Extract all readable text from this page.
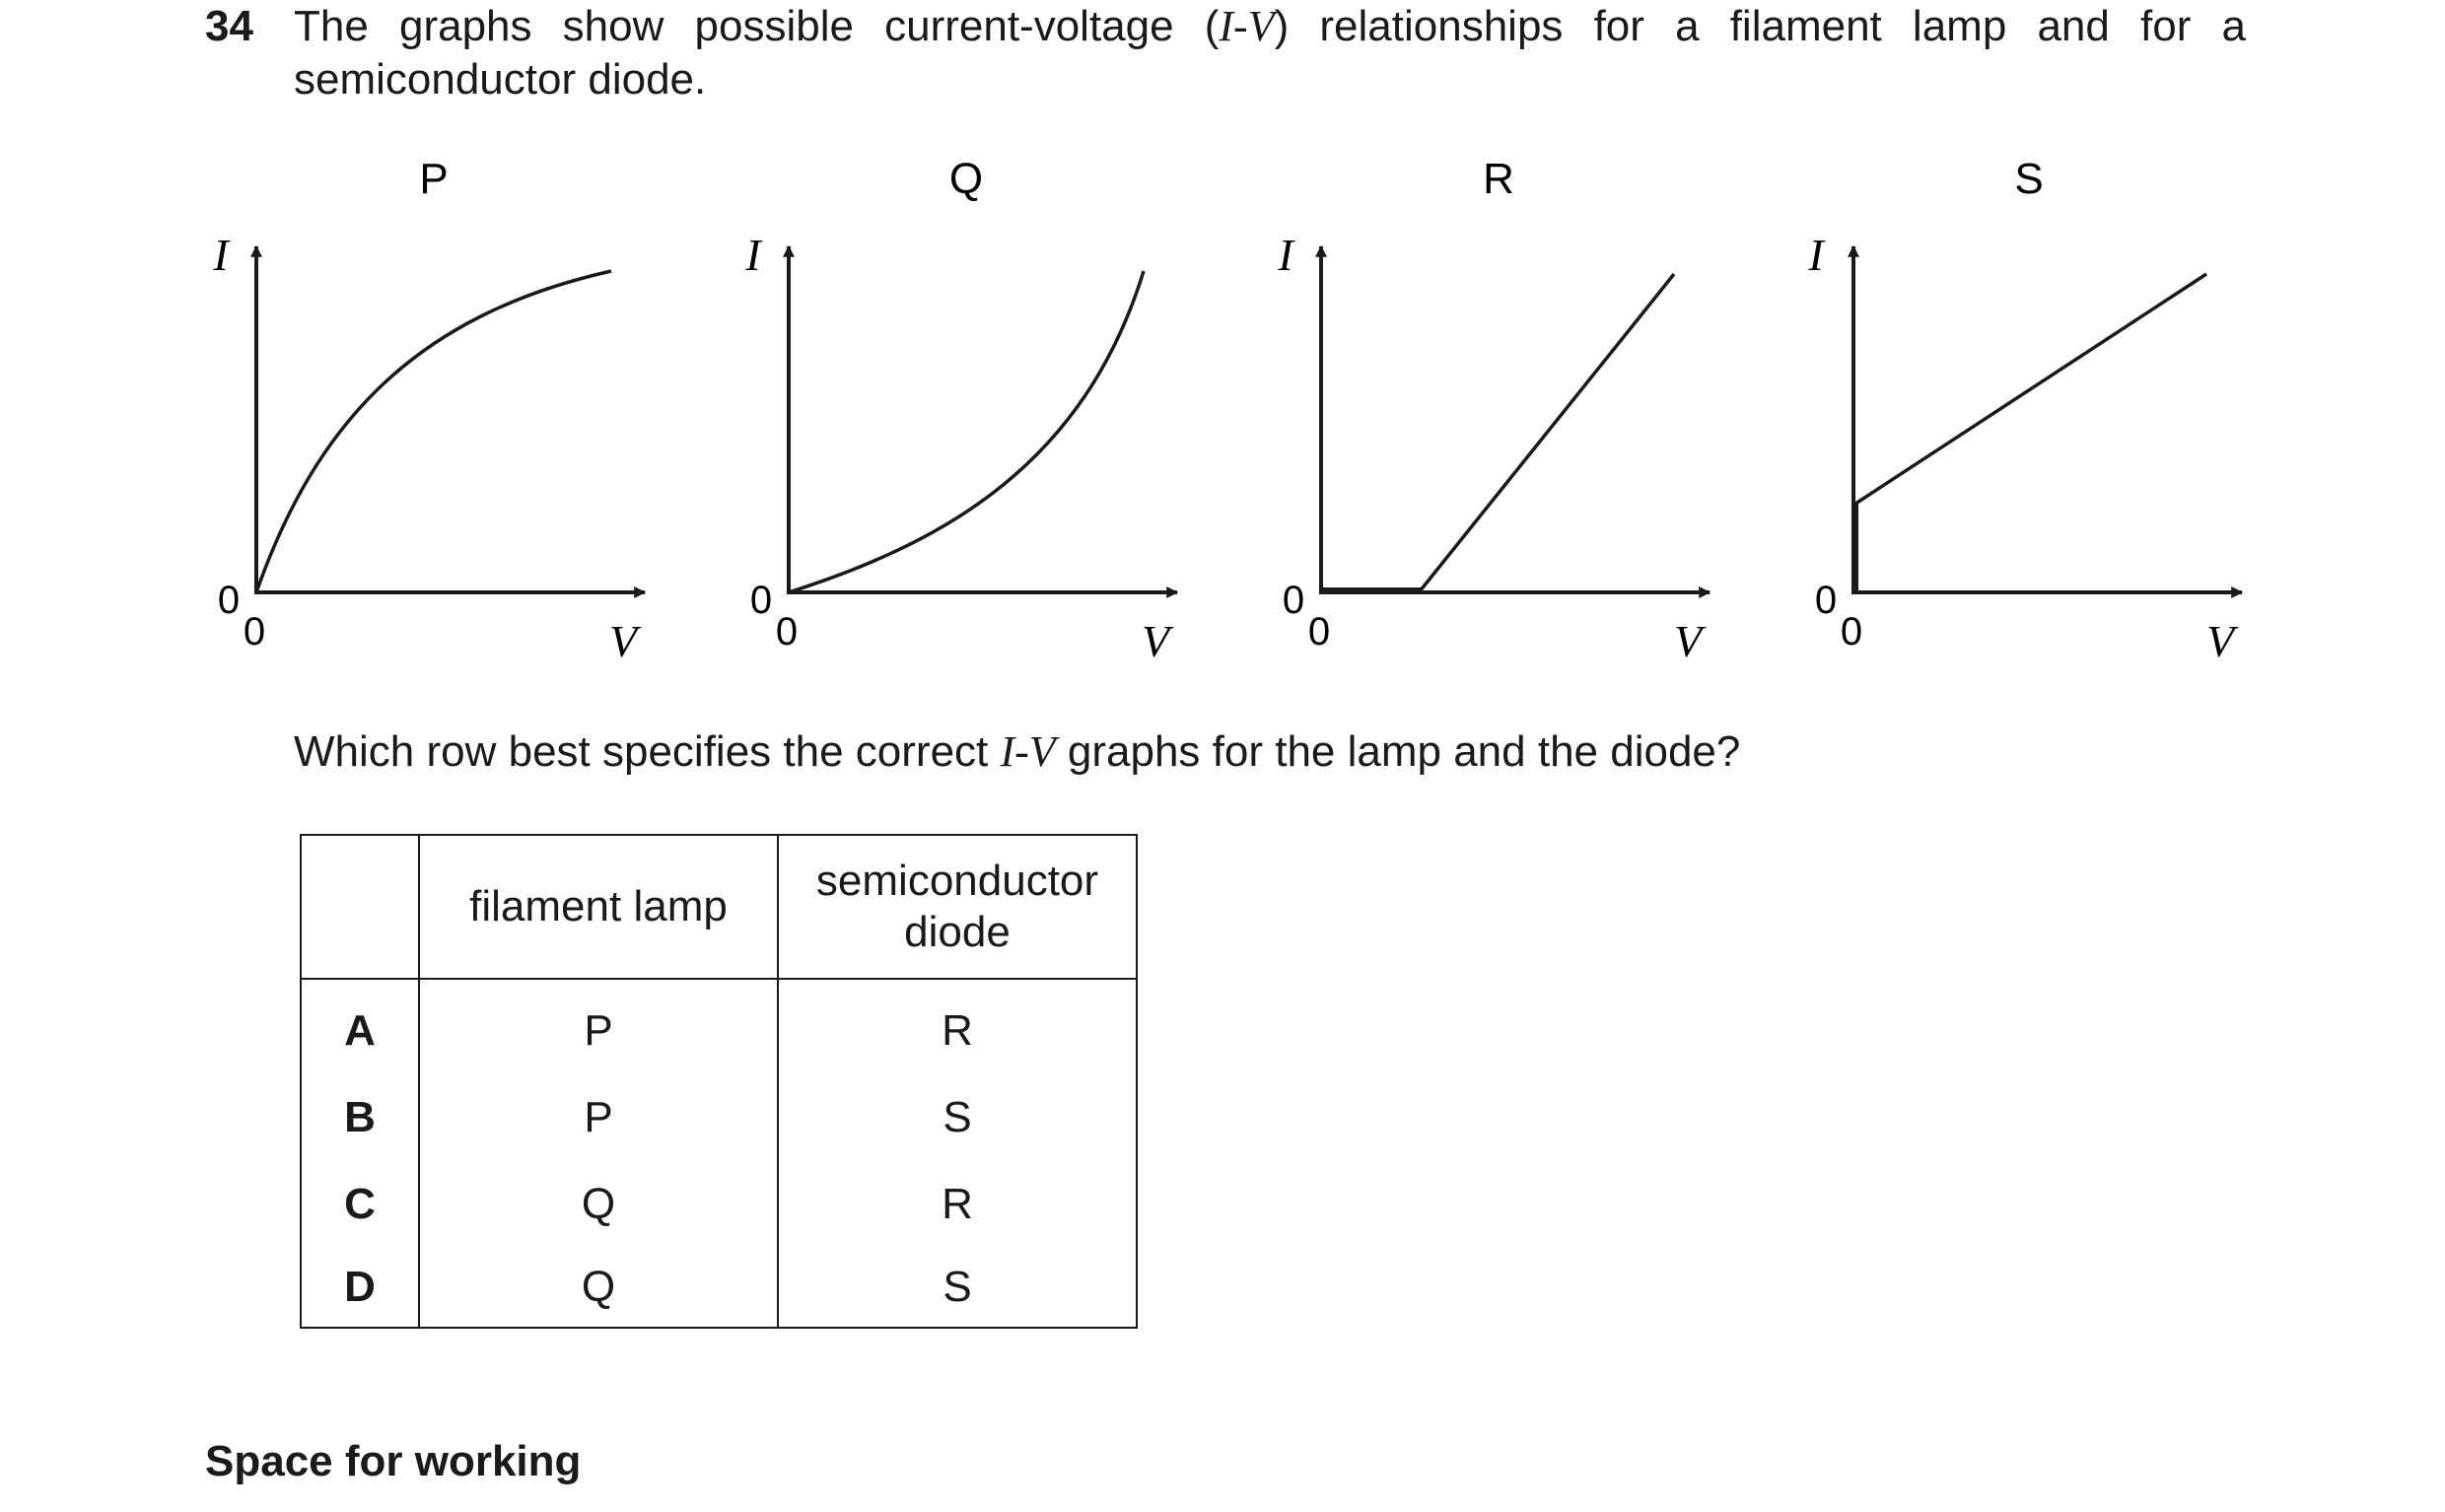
34 The graphs show possible current-voltage (I-V) relationships for a filament lamp and for a semiconductor diode.
P
I
V
0
0
Q
I
V
0
0
R
I
V
0
0
S
I
V
0
0
Which row best specifies the correct I-V graphs for the lamp and the diode?
	filament lamp	semiconductor
diode
A	P	R
B	P	S
C	Q	R
D	Q	S
Space for working
